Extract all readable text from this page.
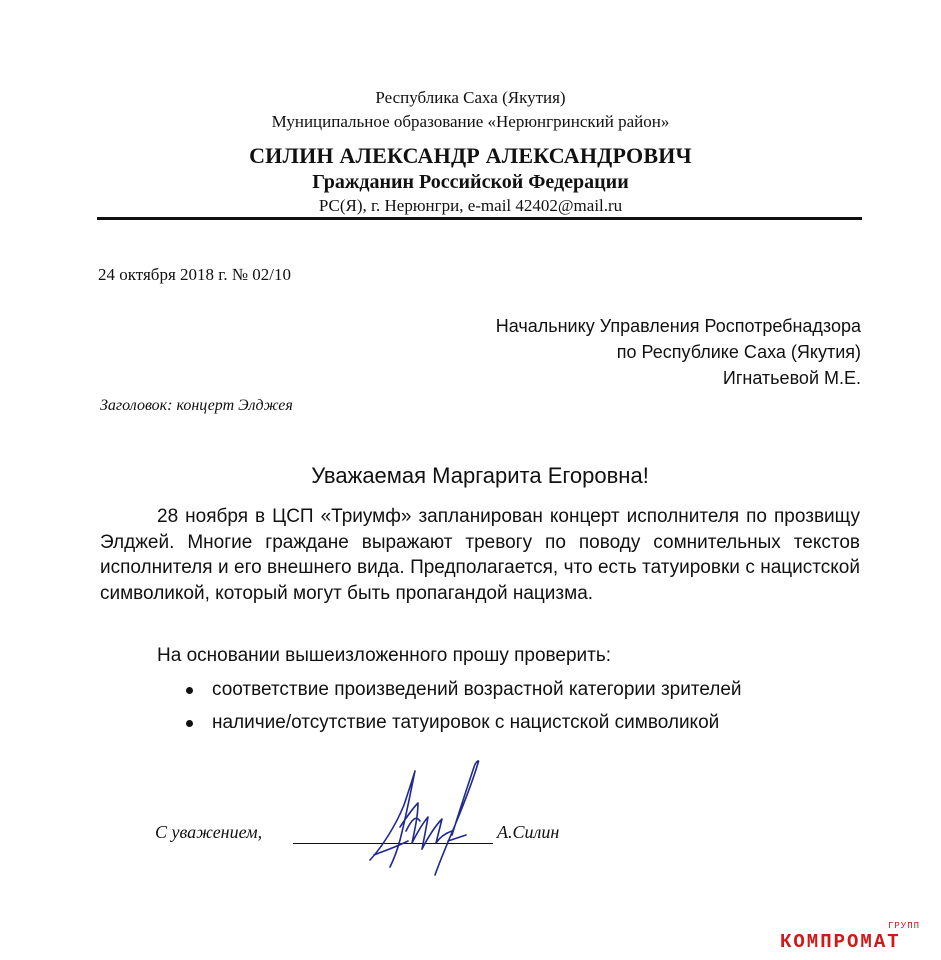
Республика Саха (Якутия)
Муниципальное образование «Нерюнгринский район»
СИЛИН АЛЕКСАНДР АЛЕКСАНДРОВИЧ
Гражданин Российской Федерации
РС(Я), г. Нерюнгри, e-mail 42402@mail.ru
24 октября 2018 г. № 02/10
Начальнику Управления Роспотребнадзора
по Республике Саха (Якутия)
Игнатьевой М.Е.
Заголовок: концерт Элджея
Уважаемая Маргарита Егоровна!

28 ноября в ЦСП «Триумф» запланирован концерт исполнителя по прозвищу Элджей. Многие граждане выражают тревогу по поводу сомнительных текстов исполнителя и его внешнего вида. Предполагается, что есть татуировки с нацистской символикой, который могут быть пропагандой нацизма.

На основании вышеизложенного прошу проверить:
соответствие произведений возрастной категории зрителей
наличие/отсутствие татуировок с нацистской символикой
С уважением,	А.Силин
ГРУПП
КОМПРОМАТ
